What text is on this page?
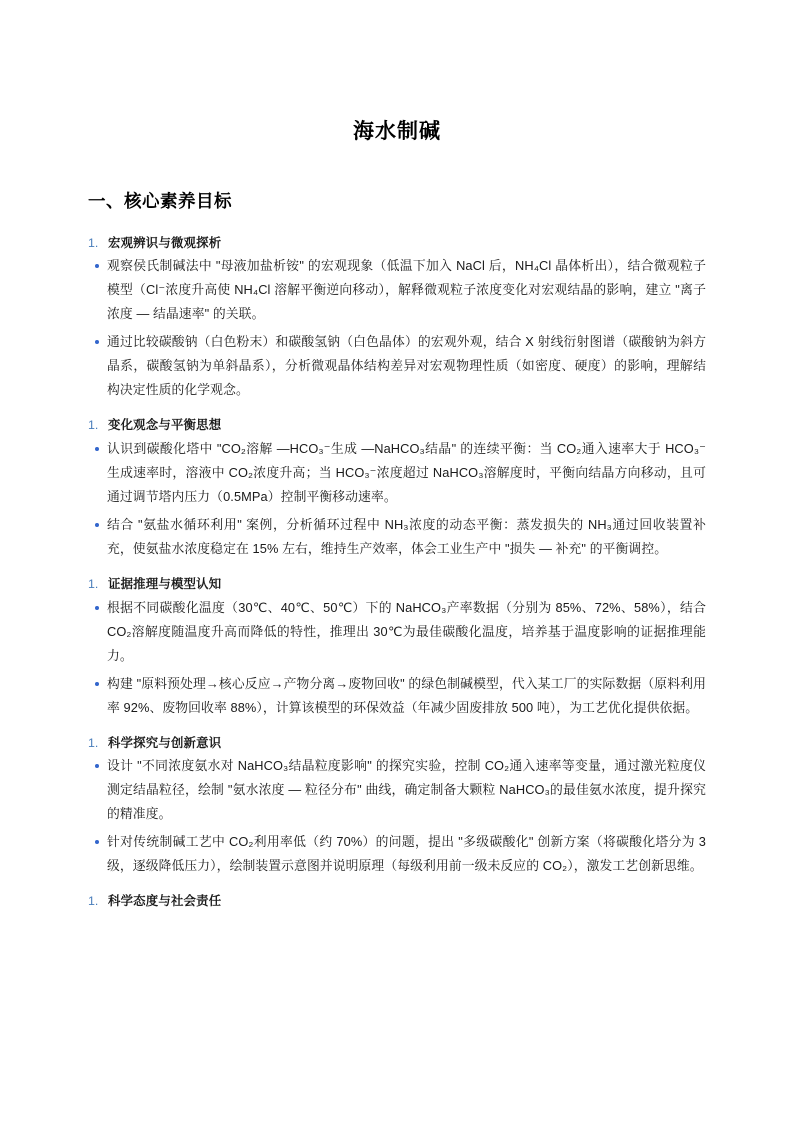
海水制碱
一、核心素养目标
1. 宏观辨识与微观探析
观察侯氏制碱法中 "母液加盐析铵" 的宏观现象（低温下加入 NaCl 后，NH₄Cl 晶体析出），结合微观粒子模型（Cl⁻浓度升高使 NH₄Cl 溶解平衡逆向移动），解释微观粒子浓度变化对宏观结晶的影响，建立 "离子浓度 — 结晶速率" 的关联。
通过比较碳酸钠（白色粉末）和碳酸氢钠（白色晶体）的宏观外观，结合 X 射线衍射图谱（碳酸钠为斜方晶系，碳酸氢钠为单斜晶系），分析微观晶体结构差异对宏观物理性质（如密度、硬度）的影响，理解结构决定性质的化学观念。
1. 变化观念与平衡思想
认识到碳酸化塔中 "CO₂溶解 —HCO₃⁻生成 —NaHCO₃结晶" 的连续平衡：当 CO₂通入速率大于 HCO₃⁻生成速率时，溶液中 CO₂浓度升高；当 HCO₃⁻浓度超过 NaHCO₃溶解度时，平衡向结晶方向移动，且可通过调节塔内压力（0.5MPa）控制平衡移动速率。
结合 "氨盐水循环利用" 案例，分析循环过程中 NH₃浓度的动态平衡：蒸发损失的 NH₃通过回收装置补充，使氨盐水浓度稳定在 15% 左右，维持生产效率，体会工业生产中 "损失 — 补充" 的平衡调控。
1. 证据推理与模型认知
根据不同碳酸化温度（30℃、40℃、50℃）下的 NaHCO₃产率数据（分别为 85%、72%、58%），结合 CO₂溶解度随温度升高而降低的特性，推理出 30℃为最佳碳酸化温度，培养基于温度影响的证据推理能力。
构建 "原料预处理→核心反应→产物分离→废物回收" 的绿色制碱模型，代入某工厂的实际数据（原料利用率 92%、废物回收率 88%），计算该模型的环保效益（年减少固废排放 500 吨），为工艺优化提供依据。
1. 科学探究与创新意识
设计 "不同浓度氨水对 NaHCO₃结晶粒度影响" 的探究实验，控制 CO₂通入速率等变量，通过激光粒度仪测定结晶粒径，绘制 "氨水浓度 — 粒径分布" 曲线，确定制备大颗粒 NaHCO₃的最佳氨水浓度，提升探究的精准度。
针对传统制碱工艺中 CO₂利用率低（约 70%）的问题，提出 "多级碳酸化" 创新方案（将碳酸化塔分为 3 级，逐级降低压力），绘制装置示意图并说明原理（每级利用前一级未反应的 CO₂），激发工艺创新思维。
1. 科学态度与社会责任
